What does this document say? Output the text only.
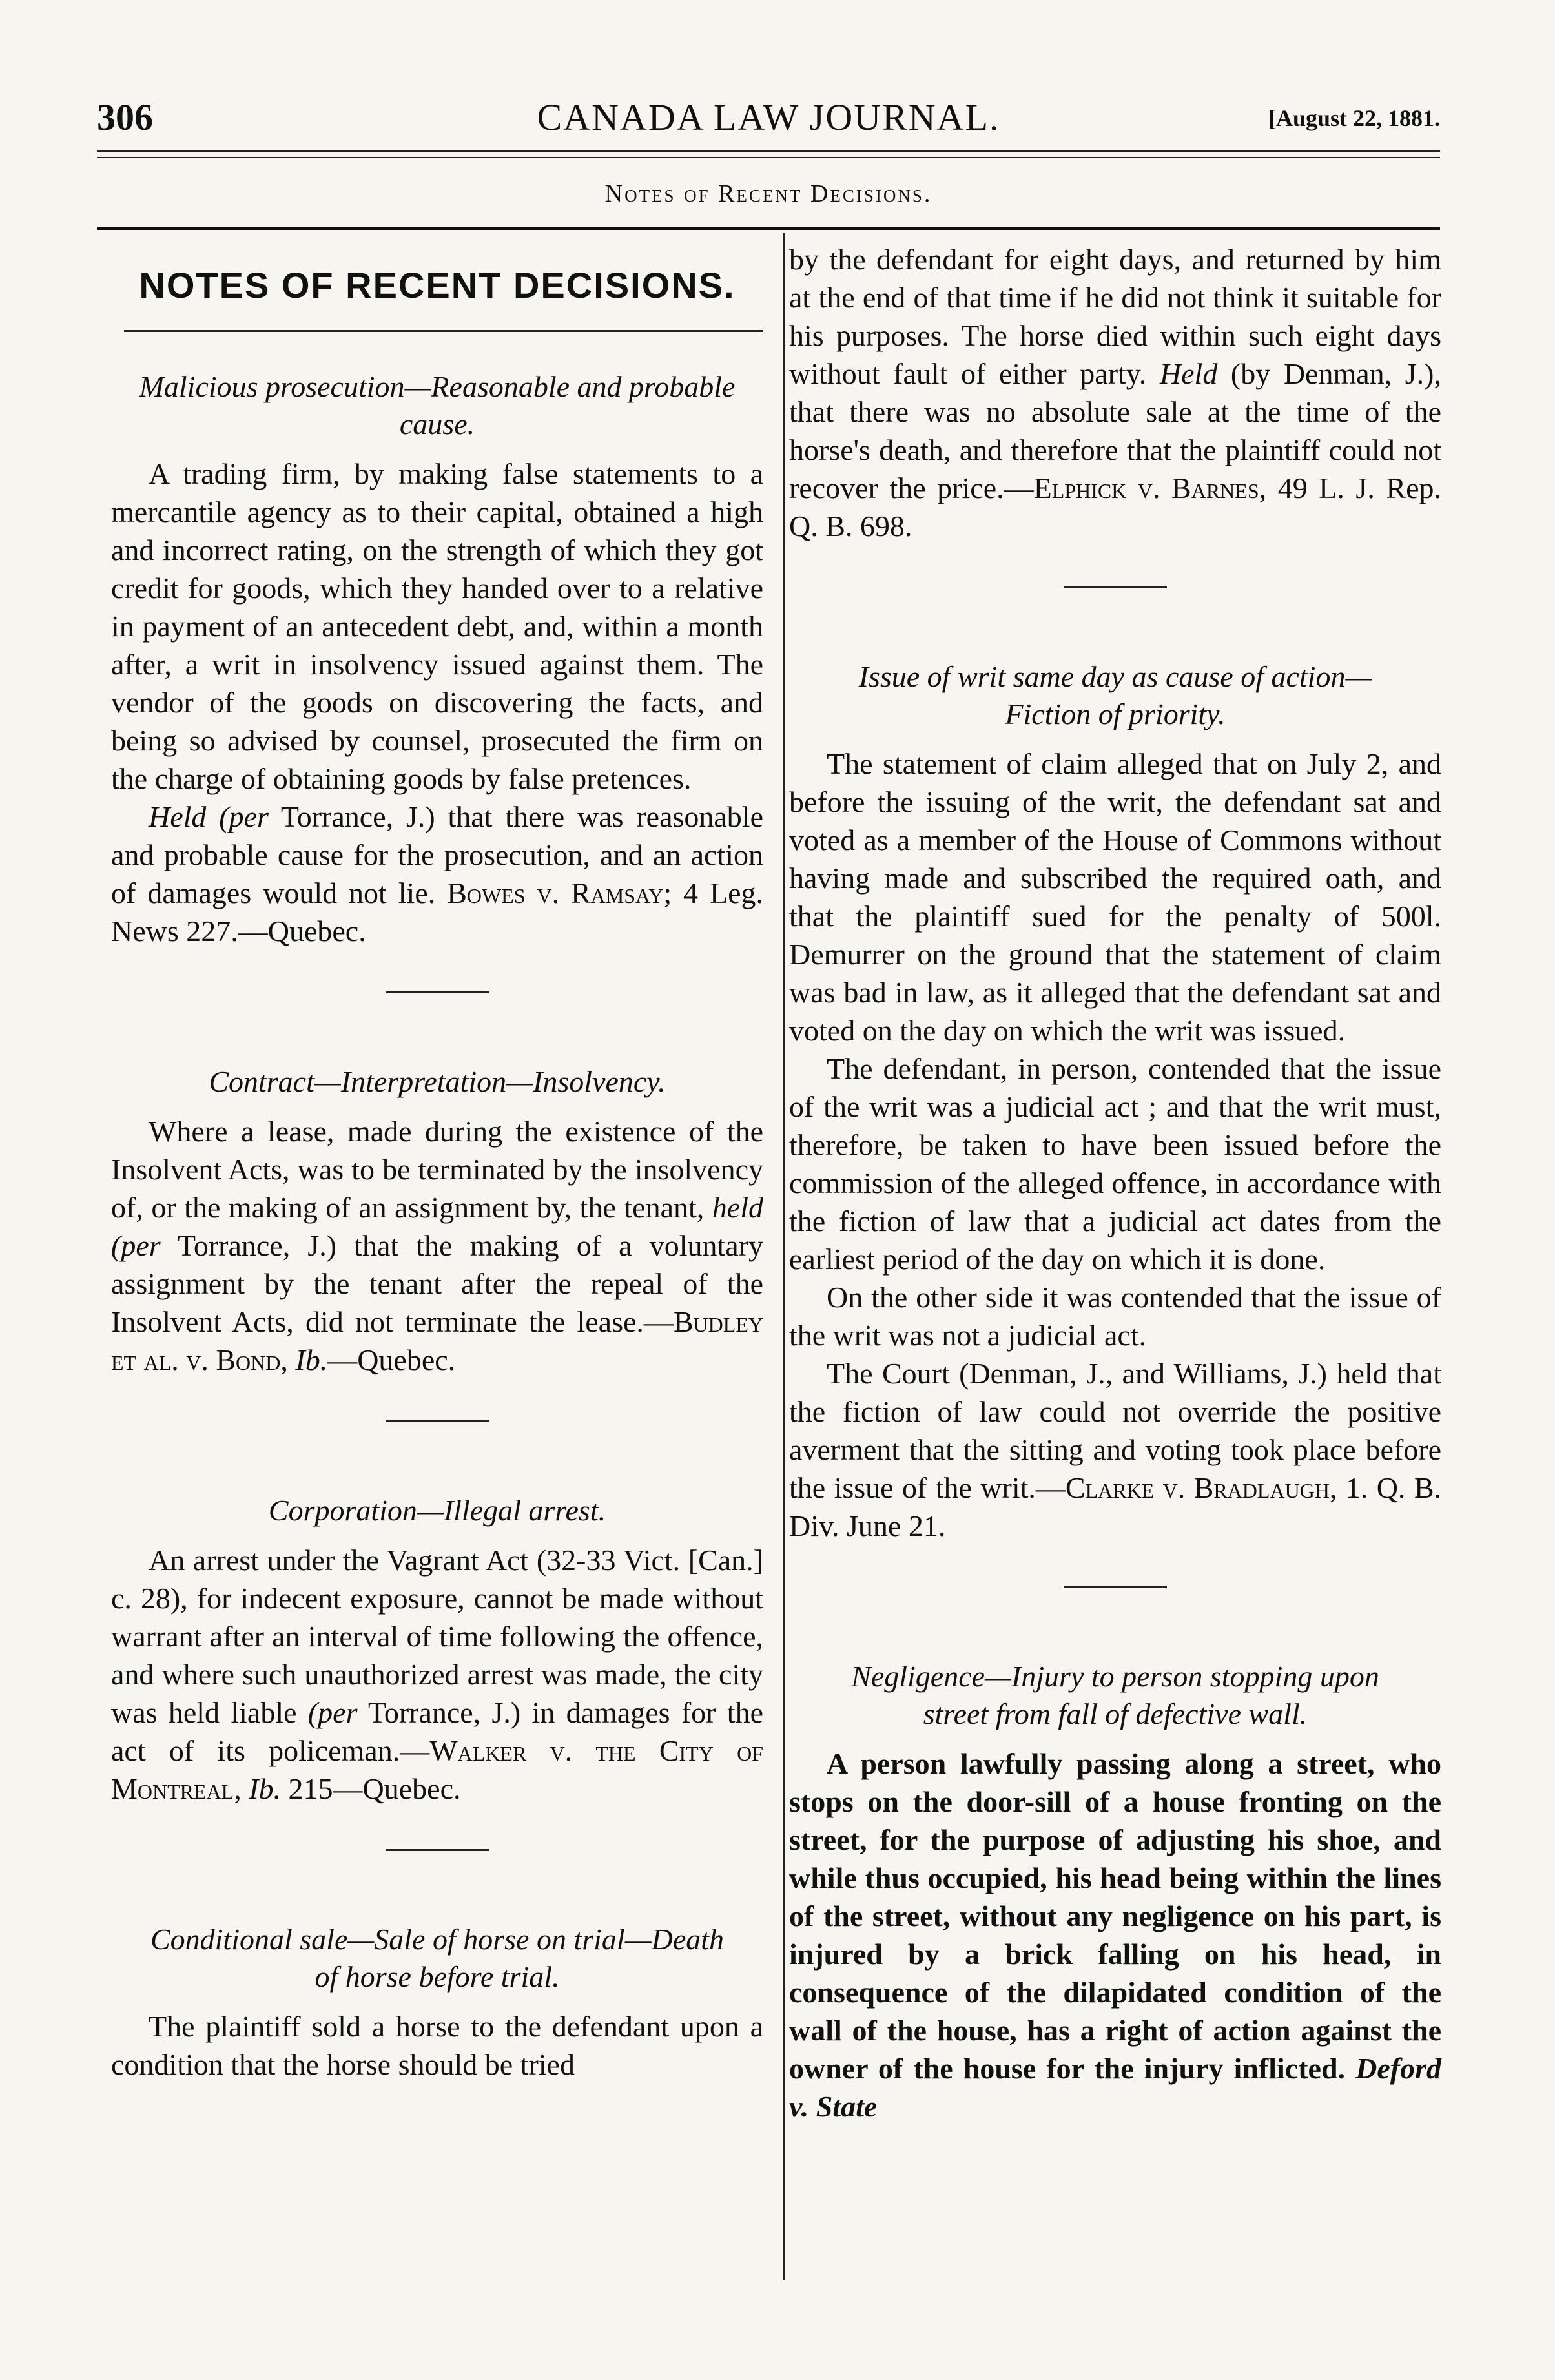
306	CANADA LAW JOURNAL.	[August 22, 1881.
Notes of Recent Decisions.
NOTES OF RECENT DECISIONS.
Malicious prosecution—Reasonable and probable
cause.

A trading firm, by making false statements to a mercantile agency as to their capital, obtained a high and incorrect rating, on the strength of which they got credit for goods, which they handed over to a relative in payment of an antecedent debt, and, within a month after, a writ in insolvency issued against them. The vendor of the goods on discovering the facts, and being so advised by counsel, prosecuted the firm on the charge of obtaining goods by false pretences.

Held (per Torrance, J.) that there was reasonable and probable cause for the prosecution, and an action of damages would not lie. Bowes v. Ramsay; 4 Leg. News 227.—Quebec.

Contract—Interpretation—Insolvency.

Where a lease, made during the existence of the Insolvent Acts, was to be terminated by the insolvency of, or the making of an assignment by, the tenant, held (per Torrance, J.) that the making of a voluntary assignment by the tenant after the repeal of the Insolvent Acts, did not terminate the lease.—Budley et al. v. Bond, Ib.—Quebec.

Corporation—Illegal arrest.

An arrest under the Vagrant Act (32-33 Vict. [Can.] c. 28), for indecent exposure, cannot be made without warrant after an interval of time following the offence, and where such unauthorized arrest was made, the city was held liable (per Torrance, J.) in damages for the act of its policeman.—Walker v. the City of Montreal, Ib. 215—Quebec.

Conditional sale—Sale of horse on trial—Death
of horse before trial.

The plaintiff sold a horse to the defendant upon a condition that the horse should be tried

by the defendant for eight days, and returned by him at the end of that time if he did not think it suitable for his purposes. The horse died within such eight days without fault of either party. Held (by Denman, J.), that there was no absolute sale at the time of the horse's death, and therefore that the plaintiff could not recover the price.—Elphick v. Barnes, 49 L. J. Rep. Q. B. 698.

Issue of writ same day as cause of action—
Fiction of priority.

The statement of claim alleged that on July 2, and before the issuing of the writ, the defendant sat and voted as a member of the House of Commons without having made and subscribed the required oath, and that the plaintiff sued for the penalty of 500l. Demurrer on the ground that the statement of claim was bad in law, as it alleged that the defendant sat and voted on the day on which the writ was issued.

The defendant, in person, contended that the issue of the writ was a judicial act ; and that the writ must, therefore, be taken to have been issued before the commission of the alleged offence, in accordance with the fiction of law that a judicial act dates from the earliest period of the day on which it is done.

On the other side it was contended that the issue of the writ was not a judicial act.

The Court (Denman, J., and Williams, J.) held that the fiction of law could not override the positive averment that the sitting and voting took place before the issue of the writ.—Clarke v. Bradlaugh, 1. Q. B. Div. June 21.

Negligence—Injury to person stopping upon
street from fall of defective wall.

A person lawfully passing along a street, who stops on the door-sill of a house fronting on the street, for the purpose of adjusting his shoe, and while thus occupied, his head being within the lines of the street, without any negligence on his part, is injured by a brick falling on his head, in consequence of the dilapidated condition of the wall of the house, has a right of action against the owner of the house for the injury inflicted. Deford v. State
